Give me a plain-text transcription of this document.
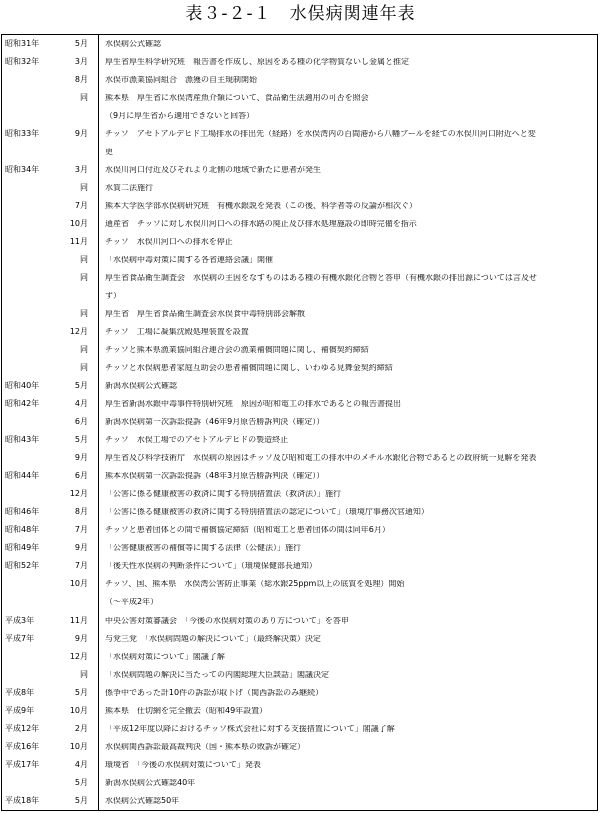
表３-２-１　水俣病関連年表
昭和31年	5月 水俣病公式確認
昭和32年	3月 厚生省厚生科学研究班　報告書を作成し、原因をある種の化学物質ないし金属と推定
8月 水俣市漁業協同組合　漁獲の自主規制開始
同 熊本県　厚生省に水俣湾産魚介類について、食品衛生法適用の可否を照会
（9月に厚生省から適用できないと回答）
昭和33年	9月 チッソ　アセトアルデヒド工場排水の排出先（経路）を水俣湾内の百間港から八幡プールを経ての水俣川河口附近へと変
更
昭和34年	3月 水俣川河口付近及びそれより北側の地域で新たに患者が発生
同 水質二法施行
7月 熊本大学医学部水俣病研究班　有機水銀説を発表（この後、科学者等の反論が相次ぐ）
10月 通産省　チッソに対し水俣川河口への排水路の廃止及び排水処理施設の即時完備を指示
11月 チッソ　水俣川河口への排水を停止
同 「水俣病中毒対策に関する各省連絡会議」開催
同 厚生省食品衛生調査会　水俣病の主因をなすものはある種の有機水銀化合物と答申（有機水銀の排出源については言及せ
ず）
同 厚生省　厚生省食品衛生調査会水俣食中毒特別部会解散
12月 チッソ　工場に凝集沈殿処理装置を設置
同 チッソと熊本県漁業協同組合連合会の漁業補償問題に関し、補償契約締結
同 チッソと水俣病患者家庭互助会の患者補償問題に関し、いわゆる見舞金契約締結
昭和40年	5月 新潟水俣病公式確認
昭和42年	4月 厚生省新潟水銀中毒事件特別研究班　原因が昭和電工の排水であるとの報告書提出
6月 新潟水俣病第一次訴訟提訴（46年9月原告勝訴判決（確定））
昭和43年	5月 チッソ　水俣工場でのアセトアルデヒドの製造終止
9月 厚生省及び科学技術庁　水俣病の原因はチッソ及び昭和電工の排水中のメチル水銀化合物であるとの政府統一見解を発表
昭和44年	6月 熊本水俣病第一次訴訟提訴（48年3月原告勝訴判決（確定））
12月 「公害に係る健康被害の救済に関する特別措置法（救済法）」施行
昭和46年	8月 「公害に係る健康被害の救済に関する特別措置法の認定について」（環境庁事務次官通知）
昭和48年	7月 チッソと患者団体との間で補償協定締結（昭和電工と患者団体の間は同年6月）
昭和49年	9月 「公害健康被害の補償等に関する法律（公健法）」施行
昭和52年	7月 「後天性水俣病の判断条件について」（環境保健部長通知）
10月 チッソ、国、熊本県　水俣湾公害防止事業（総水銀25ppm以上の底質を処理）開始
（〜平成2年）
平成3年	11月 中央公害対策審議会　「今後の水俣病対策のあり方について」を答申
平成7年	9月 与党三党　「水俣病問題の解決について」（最終解決策）決定
12月 「水俣病対策について」閣議了解
同 「水俣病問題の解決に当たっての内閣総理大臣談話」閣議決定
平成8年	5月 係争中であった計10件の訴訟が取下げ（関西訴訟のみ継続）
平成9年	10月 熊本県　仕切網を完全撤去（昭和49年設置）
平成12年	2月 「平成12年度以降におけるチッソ株式会社に対する支援措置について」閣議了解
平成16年	10月 水俣病関西訴訟最高裁判決（国・熊本県の敗訴が確定）
平成17年	4月 環境省　「今後の水俣病対策について」発表
5月 新潟水俣病公式確認40年
平成18年	5月 水俣病公式確認50年
